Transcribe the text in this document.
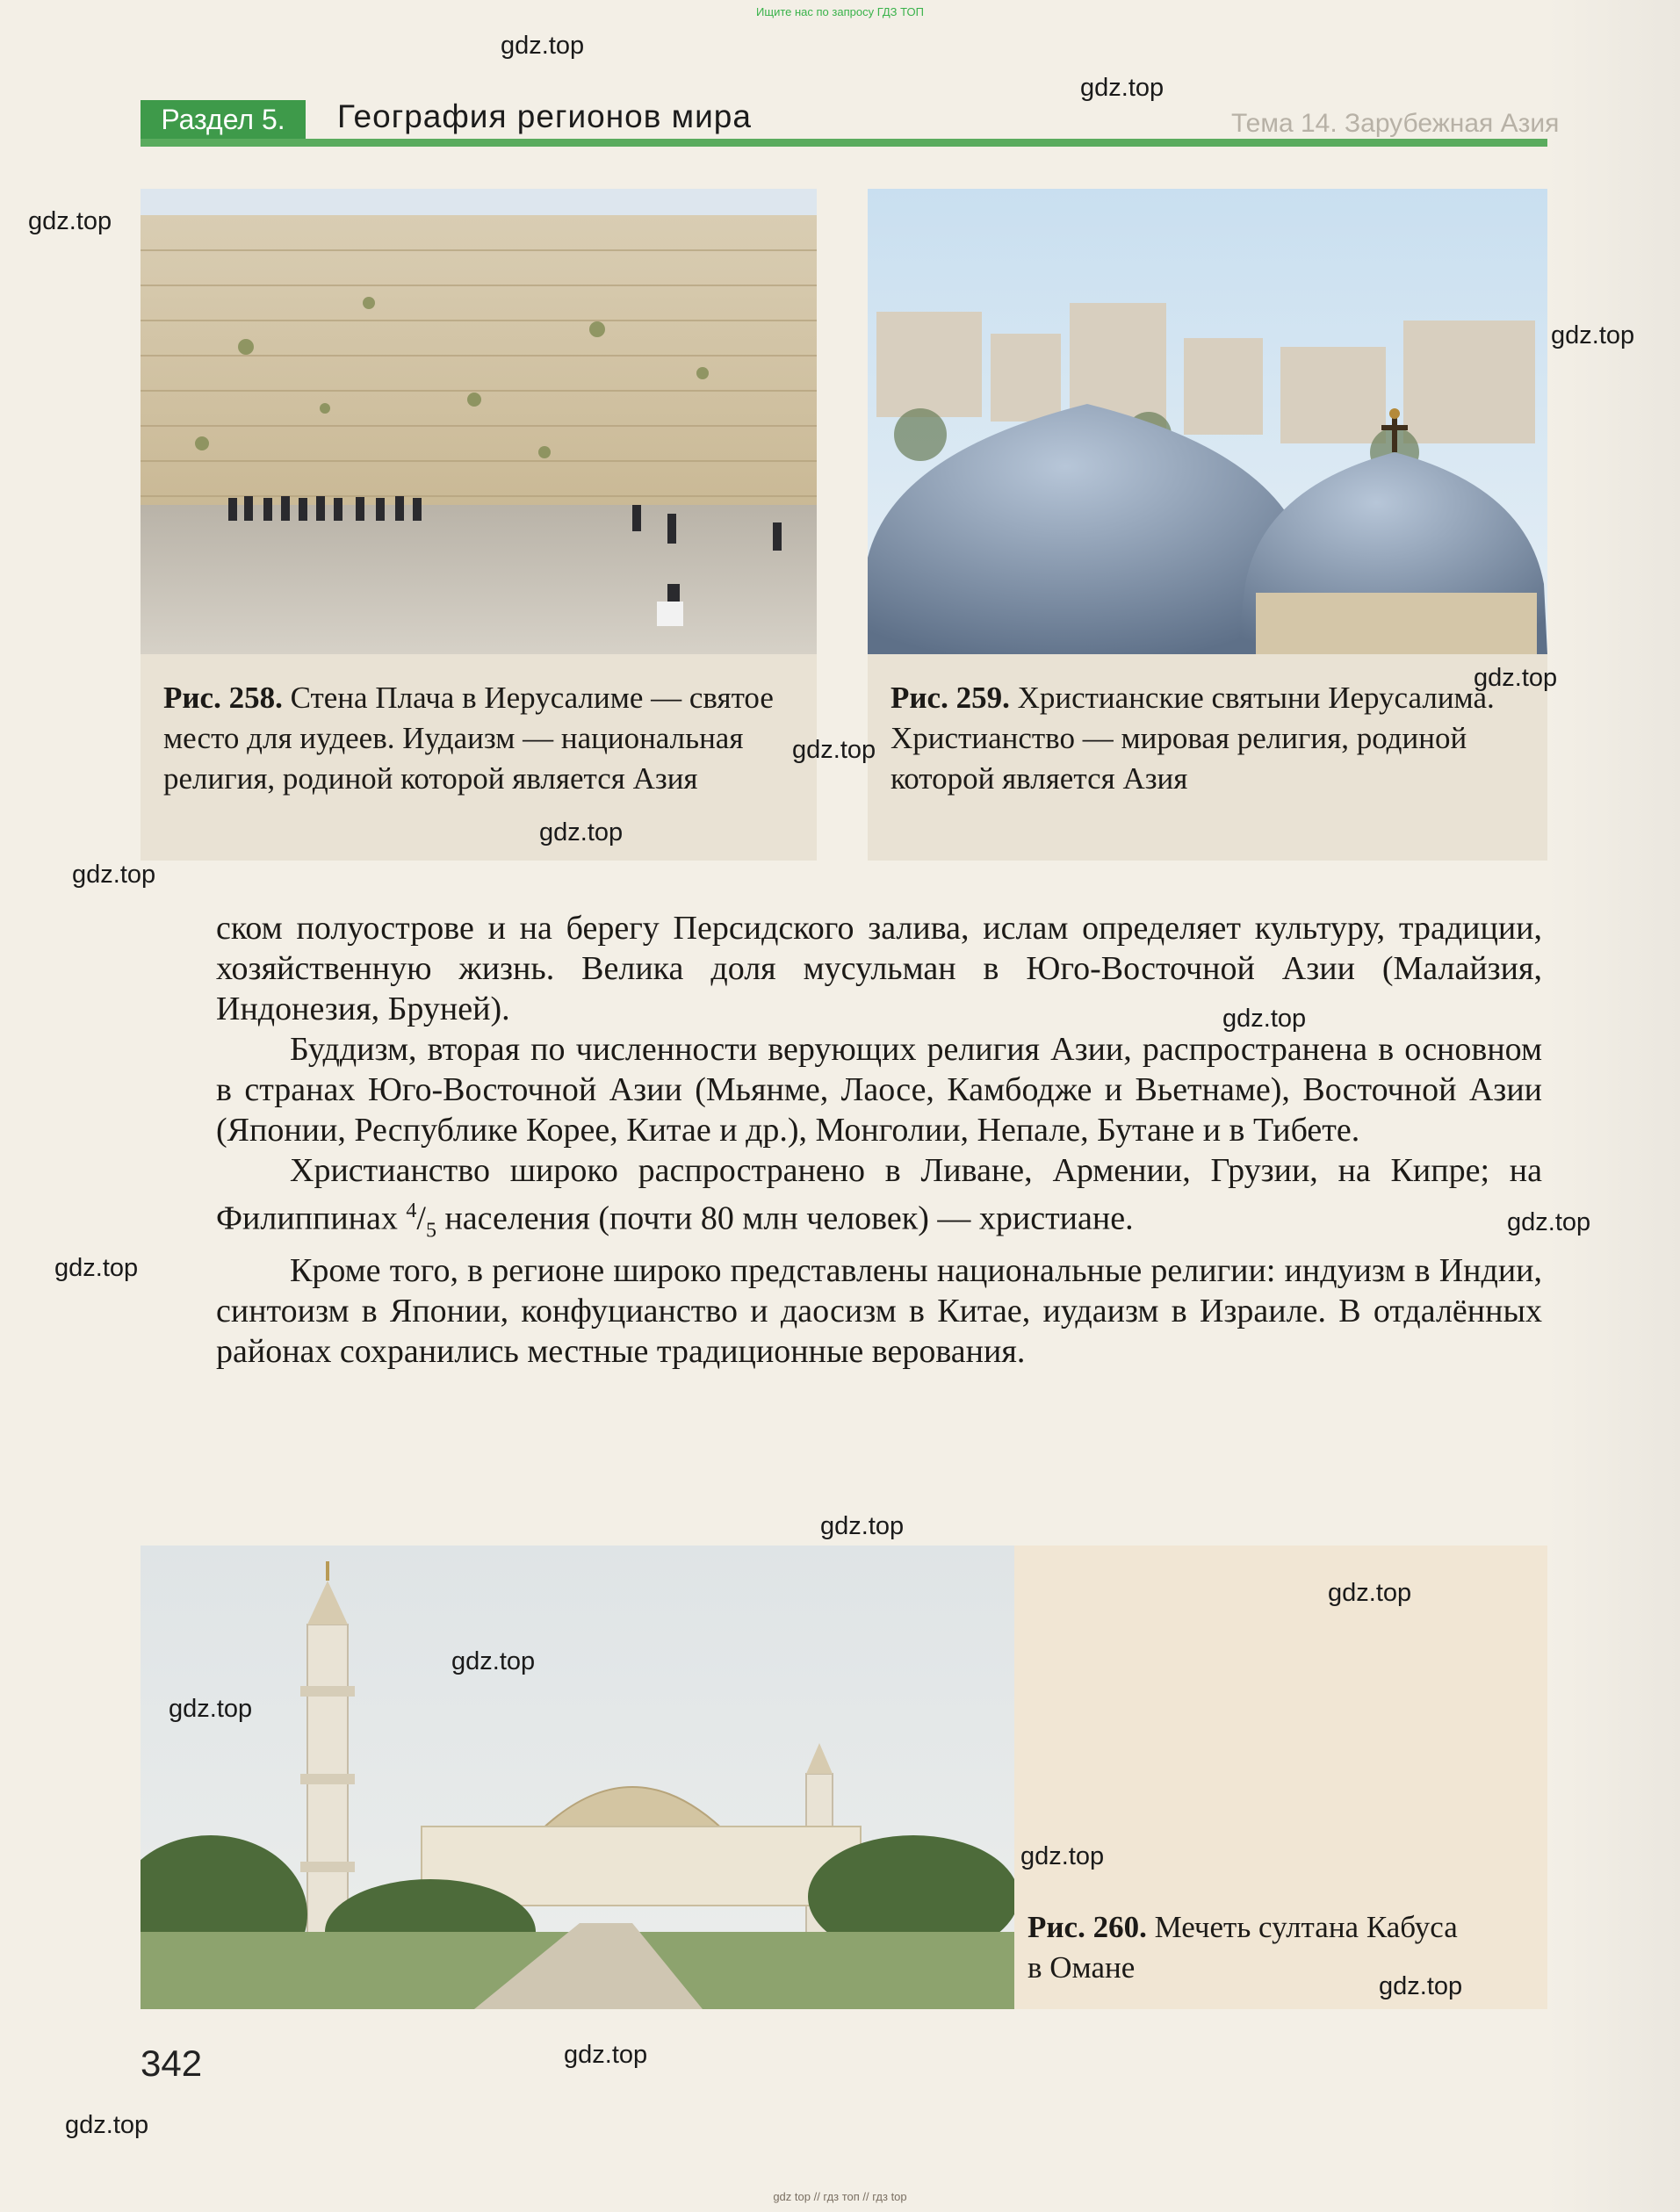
Ищите нас по запросу ГДЗ ТОП
Тема 14. Зарубежная Азия
Раздел 5.	География регионов мира
Рис. 258. Стена Плача в Иерусалиме — святое место для иудеев. Иудаизм — национальная религия, родиной которой является Азия
Рис. 259. Христианские святыни Иерусалима. Христианство — мировая религия, родиной которой является Азия

ском полуострове и на берегу Персидского залива, ислам определяет культуру, традиции, хозяйственную жизнь. Велика доля мусульман в Юго-Восточной Азии (Малайзия, Индонезия, Бруней).

Буддизм, вторая по численности верующих религия Азии, распространена в основном в странах Юго-Восточной Азии (Мьянме, Лаосе, Камбодже и Вьетнаме), Восточной Азии (Японии, Республике Корее, Китае и др.), Монголии, Непале, Бутане и в Тибете.

Христианство широко распространено в Ливане, Армении, Грузии, на Кипре; на Филиппинах $^4/_5$ населения (почти 80 млн человек) — христиане.

Кроме того, в регионе широко представлены национальные религии: индуизм в Индии, синтоизм в Японии, конфуцианство и даосизм в Китае, иудаизм в Израиле. В отдалённых районах сохранились местные традиционные верования.

Рис. 260. Мечеть султана Кабуса в Омане
342
gdz.top
gdz.top
gdz.top
gdz.top
gdz.top
gdz.top
gdz.top
gdz.top
gdz.top
gdz.top
gdz.top
gdz.top
gdz.top
gdz.top
gdz.top
gdz.top
gdz.top
gdz.top
gdz.top
gdz top // гдз топ // гдз top
